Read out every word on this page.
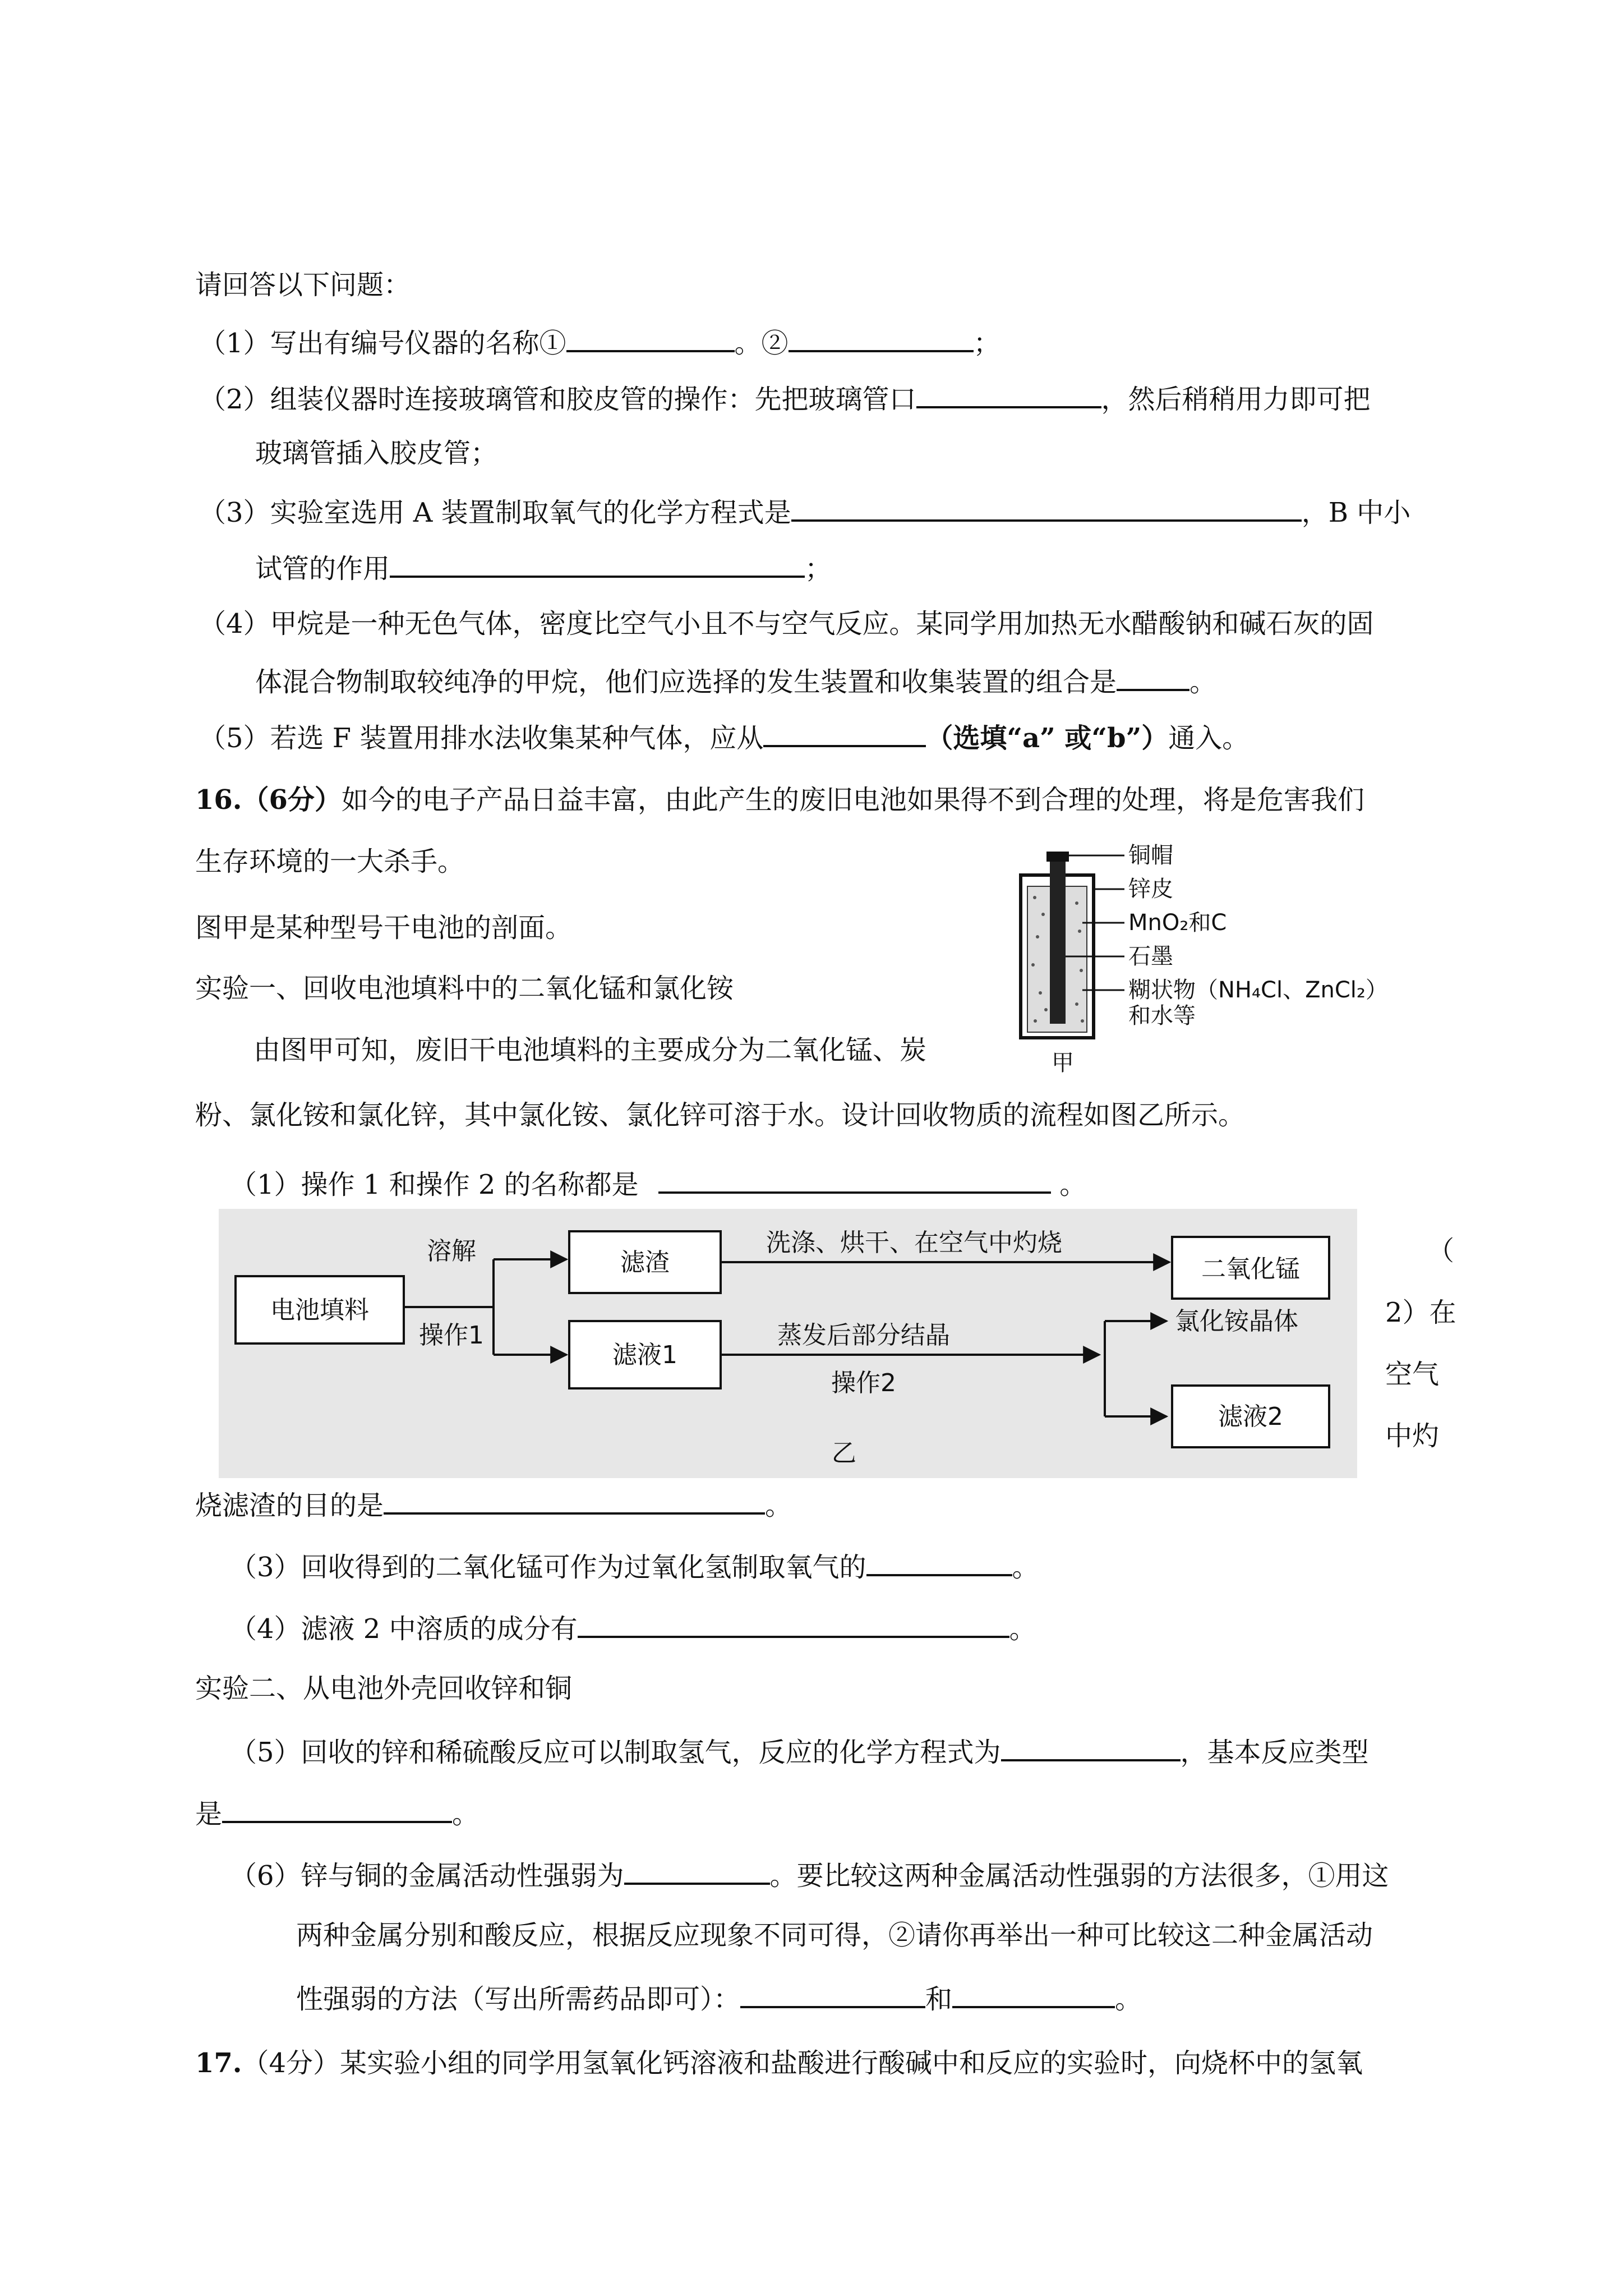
请回答以下问题：
（1）写出有编号仪器的名称①	。②	；
（2）组装仪器时连接玻璃管和胶皮管的操作：先把玻璃管口	，然后稍稍用力即可把
玻璃管插入胶皮管；
（3）实验室选用 A 装置制取氧气的化学方程式是	，B 中小
试管的作用	；
（4）甲烷是一种无色气体，密度比空气小且不与空气反应。某同学用加热无水醋酸钠和碱石灰的固
体混合物制取较纯净的甲烷，他们应选择的发生装置和收集装置的组合是	。
（5）若选 F 装置用排水法收集某种气体，应从	（选填“a” 或“b”）通入。
16.（6分）如今的电子产品日益丰富，由此产生的废旧电池如果得不到合理的处理，将是危害我们
生存环境的一大杀手。
图甲是某种型号干电池的剖面。
实验一、回收电池填料中的二氧化锰和氯化铵
由图甲可知，废旧干电池填料的主要成分为二氧化锰、炭
粉、氯化铵和氯化锌，其中氯化铵、氯化锌可溶于水。设计回收物质的流程如图乙所示。
铜帽
锌皮
MnO₂和C
石墨
糊状物（NH₄Cl、ZnCl₂）
和水等
甲
（1）操作 1 和操作 2 的名称都是	。
电池填料
溶解
操作1
滤渣
洗涤、烘干、在空气中灼烧
二氧化锰
滤液1
蒸发后部分结晶
操作2
氯化铵晶体
滤液2
乙
（
2）在
空气
中灼
烧滤渣的目的是	。
（3）回收得到的二氧化锰可作为过氧化氢制取氧气的	。
（4）滤液 2 中溶质的成分有	。
实验二、从电池外壳回收锌和铜
（5）回收的锌和稀硫酸反应可以制取氢气，反应的化学方程式为	，基本反应类型
是	。
（6）锌与铜的金属活动性强弱为	。要比较这两种金属活动性强弱的方法很多，①用这
两种金属分别和酸反应，根据反应现象不同可得，②请你再举出一种可比较这二种金属活动
性强弱的方法（写出所需药品即可）：	和	。
17.（4分）某实验小组的同学用氢氧化钙溶液和盐酸进行酸碱中和反应的实验时，向烧杯中的氢氧
